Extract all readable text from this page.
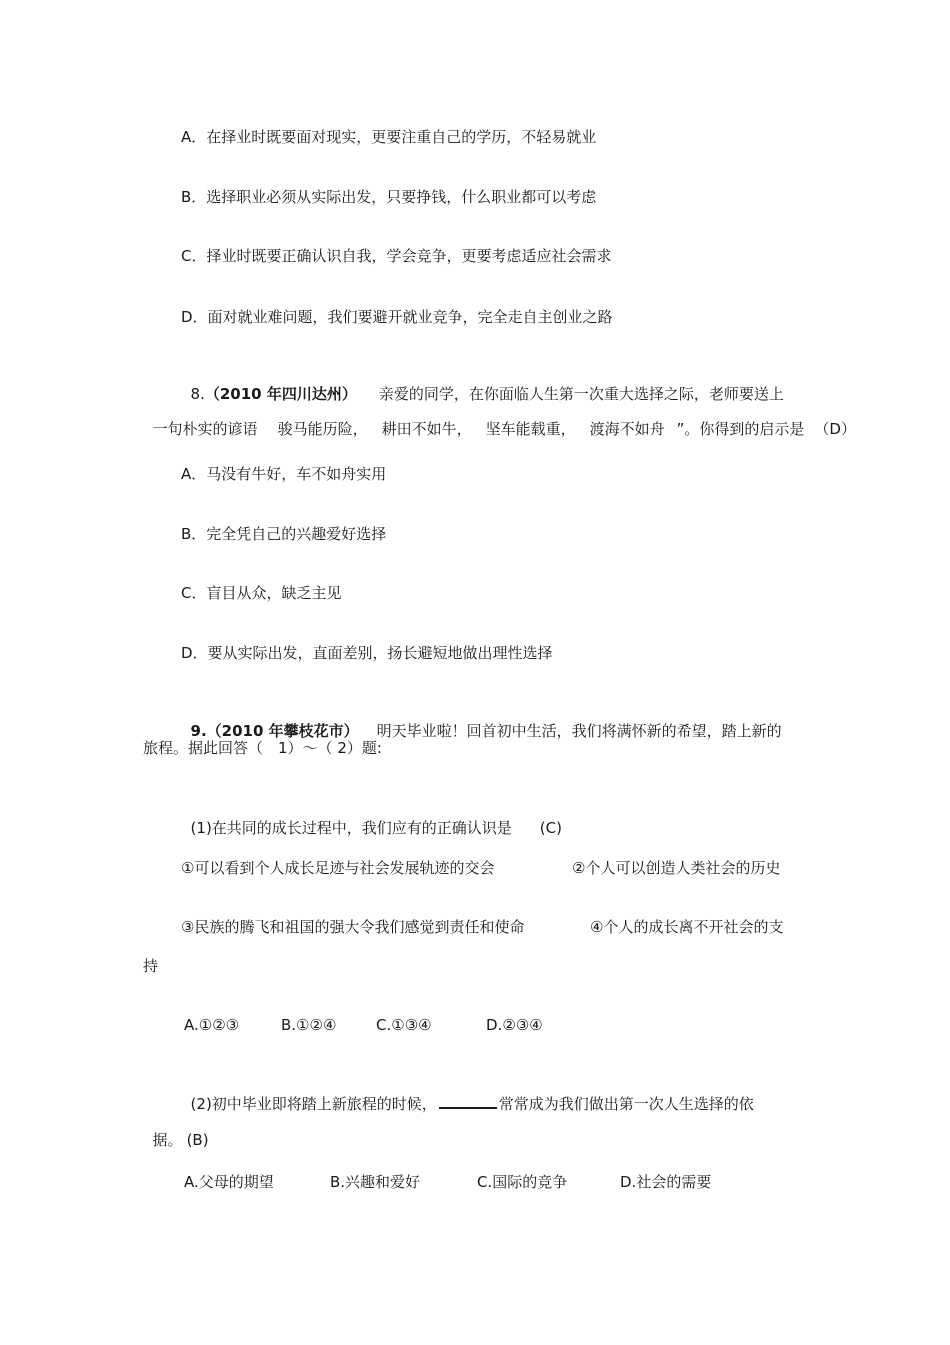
A．在择业时既要面对现实，更要注重自己的学历，不轻易就业
B．选择职业必须从实际出发，只要挣钱，什么职业都可以考虑
C．择业时既要正确认识自我，学会竞争，更要考虑适应社会需求
D．面对就业难问题，我们要避开就业竞争，完全走自主创业之路

8.（2010 年四川达州） 亲爱的同学，在你面临人生第一次重大选择之际，老师要送上

一句朴实的谚语 骏马能历险， 耕田不如牛， 坚车能载重， 渡海不如舟 ”。你得到的启示是 （D）

A．马没有牛好，车不如舟实用
B．完全凭自己的兴趣爱好选择
C．盲目从众，缺乏主见
D．要从实际出发，直面差别，扬长避短地做出理性选择

9.（2010 年攀枝花市） 明天毕业啦！回首初中生活，我们将满怀新的希望，踏上新的

旅程。据此回答（　1）～（ 2）题:

(1)在共同的成长过程中，我们应有的正确认识是 (C)

①可以看到个人成长足迹与社会发展轨迹的交会	②个人可以创造人类社会的历史
③民族的腾飞和祖国的强大令我们感觉到责任和使命	④个人的成长离不开社会的支
持
A.①②③	B.①②④	C.①③④	D.②③④

(2)初中毕业即将踏上新旅程的时候，	常常成为我们做出第一次人生选择的依

据。 (B)

A.父母的期望	B.兴趣和爱好	C.国际的竞争	D.社会的需要
